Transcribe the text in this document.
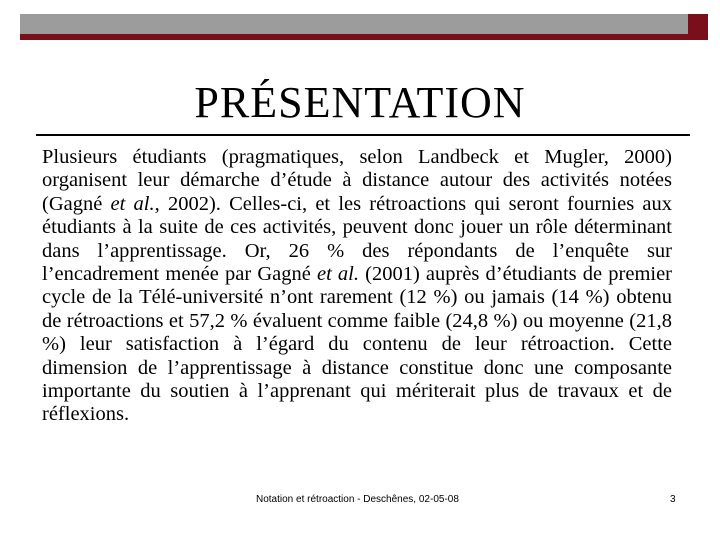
PRÉSENTATION

Plusieurs étudiants (pragmatiques, selon Landbeck et Mugler, 2000) organisent leur démarche d’étude à distance autour des activités notées (Gagné et al., 2002). Celles-ci, et les rétroactions qui seront fournies aux étudiants à la suite de ces activités, peuvent donc jouer un rôle déterminant dans l’apprentissage. Or, 26 % des répondants de l’enquête sur l’encadrement menée par Gagné et al. (2001) auprès d’étudiants de premier cycle de la Télé-université n’ont rarement (12 %) ou jamais (14 %) obtenu de rétroactions et 57,2 % évaluent comme faible (24,8 %) ou moyenne (21,8 %) leur satisfaction à l’égard du contenu de leur rétroaction. Cette dimension de l’apprentissage à distance constitue donc une composante importante du soutien à l’apprenant qui mériterait plus de travaux et de réflexions.

Notation et rétroaction - Deschênes, 02-05-08	3
